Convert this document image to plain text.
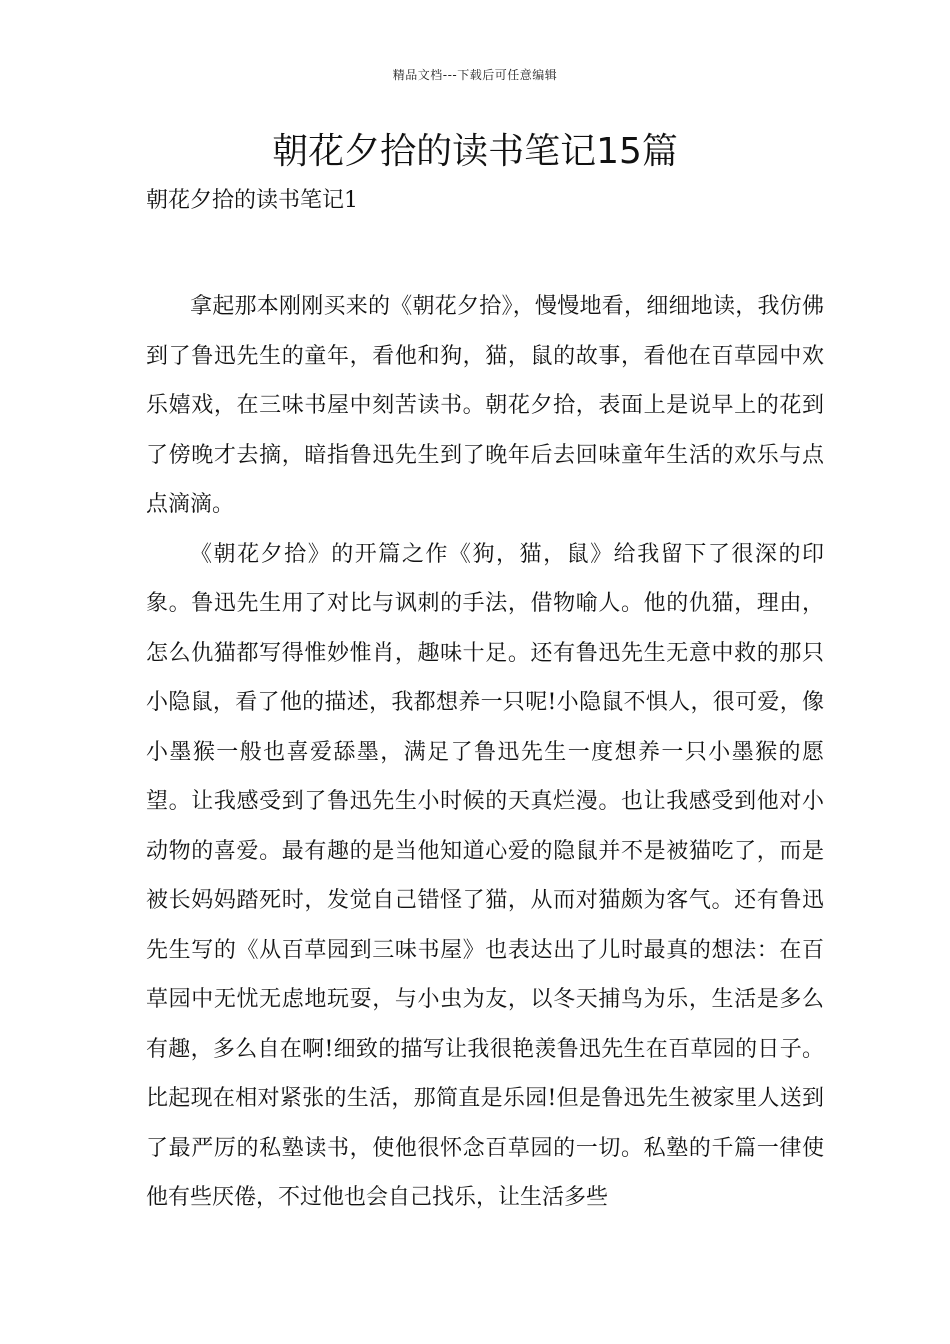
精品文档---下载后可任意编辑
朝花夕拾的读书笔记15篇
朝花夕拾的读书笔记1

拿起那本刚刚买来的《朝花夕拾》，慢慢地看，细细地读，我仿佛到了鲁迅先生的童年，看他和狗，猫，鼠的故事，看他在百草园中欢乐嬉戏，在三味书屋中刻苦读书。朝花夕拾，表面上是说早上的花到了傍晚才去摘，暗指鲁迅先生到了晚年后去回味童年生活的欢乐与点点滴滴。

《朝花夕拾》的开篇之作《狗，猫，鼠》给我留下了很深的印象。鲁迅先生用了对比与讽刺的手法，借物喻人。他的仇猫，理由，怎么仇猫都写得惟妙惟肖，趣味十足。还有鲁迅先生无意中救的那只小隐鼠，看了他的描述，我都想养一只呢!小隐鼠不惧人，很可爱，像小墨猴一般也喜爱舔墨，满足了鲁迅先生一度想养一只小墨猴的愿望。让我感受到了鲁迅先生小时候的天真烂漫。也让我感受到他对小动物的喜爱。最有趣的是当他知道心爱的隐鼠并不是被猫吃了，而是被长妈妈踏死时，发觉自己错怪了猫，从而对猫颇为客气。还有鲁迅先生写的《从百草园到三味书屋》也表达出了儿时最真的想法：在百草园中无忧无虑地玩耍，与小虫为友，以冬天捕鸟为乐，生活是多么有趣，多么自在啊!细致的描写让我很艳羡鲁迅先生在百草园的日子。比起现在相对紧张的生活，那简直是乐园!但是鲁迅先生被家里人送到了最严厉的私塾读书，使他很怀念百草园的一切。私塾的千篇一律使他有些厌倦，不过他也会自己找乐，让生活多些
